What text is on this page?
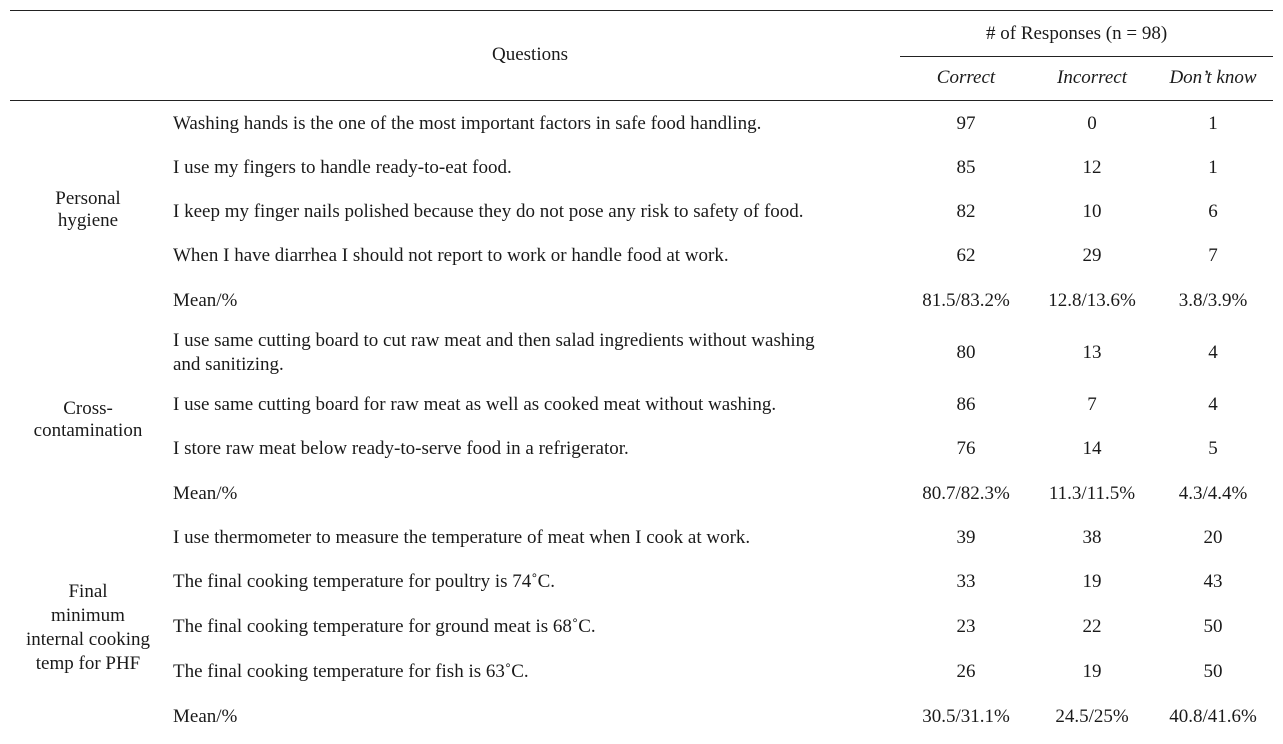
Questions
# of Responses (n = 98)
Correct	Incorrect	Don’t know
Personal
hygiene
Washing hands is the one of the most important factors in safe food handling.	97	0	1
I use my fingers to handle ready-to-eat food.	85	12	1
I keep my finger nails polished because they do not pose any risk to safety of food.	82	10	6
When I have diarrhea I should not report to work or handle food at work.	62	29	7
Mean/%	81.5/83.2%	12.8/13.6%	3.8/3.9%
Cross-
contamination
I use same cutting board to cut raw meat and then salad ingredients without washing
and sanitizing.
80	13	4
I use same cutting board for raw meat as well as cooked meat without washing.	86	7	4
I store raw meat below ready-to-serve food in a refrigerator.	76	14	5
Mean/%	80.7/82.3%	11.3/11.5%	4.3/4.4%
Final
minimum
internal cooking
temp for PHF
I use thermometer to measure the temperature of meat when I cook at work.	39	38	20
The final cooking temperature for poultry is 74˚C.	33	19	43
The final cooking temperature for ground meat is 68˚C.	23	22	50
The final cooking temperature for fish is 63˚C.	26	19	50
Mean/%	30.5/31.1%	24.5/25%	40.8/41.6%
